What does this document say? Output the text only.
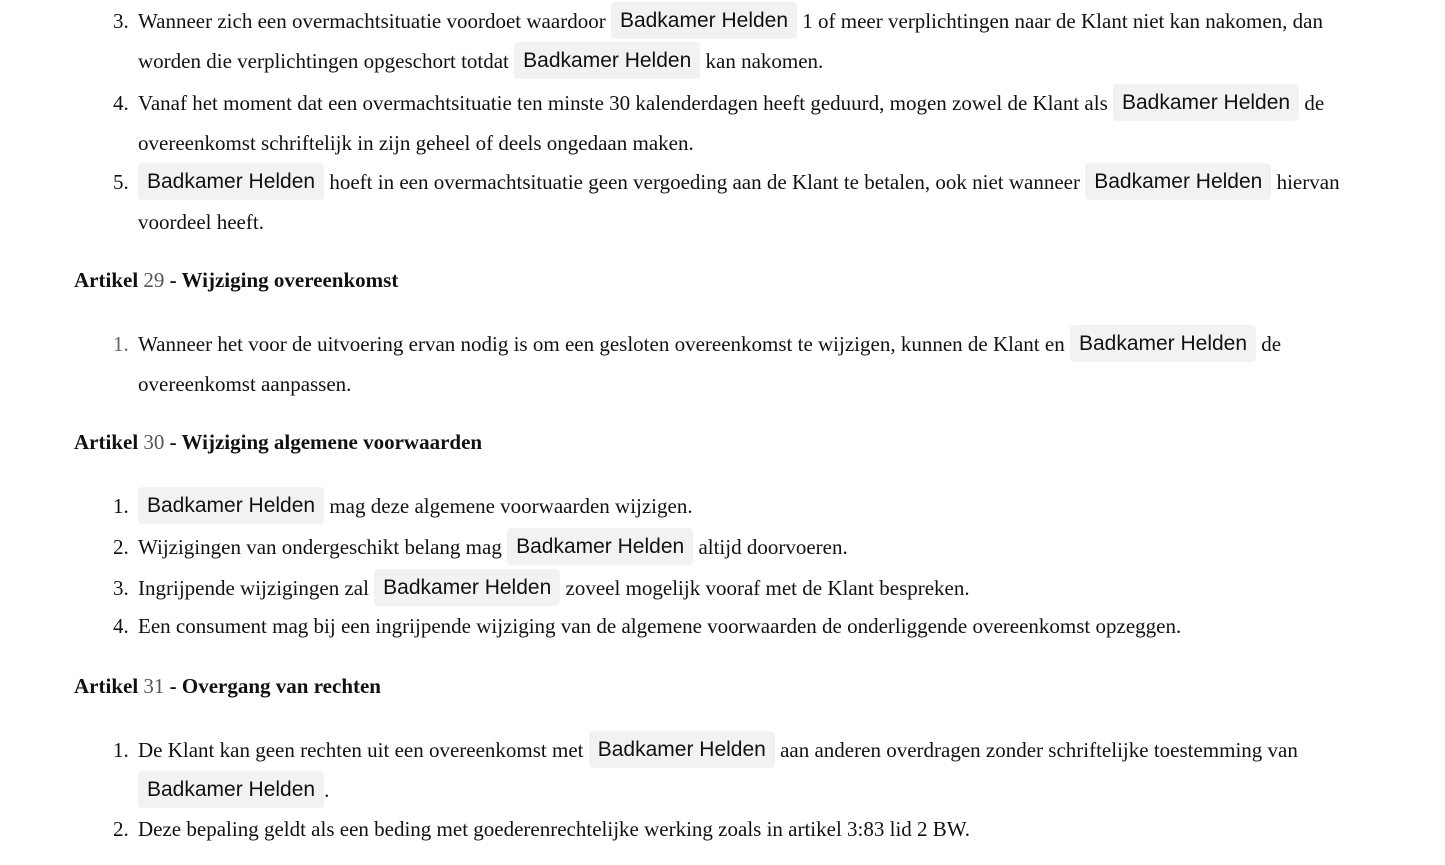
3. Wanneer zich een overmachtsituatie voordoet waardoor Badkamer Helden 1 of meer verplichtingen naar de Klant niet kan nakomen, dan worden die verplichtingen opgeschort totdat Badkamer Helden kan nakomen.
4. Vanaf het moment dat een overmachtsituatie ten minste 30 kalenderdagen heeft geduurd, mogen zowel de Klant als Badkamer Helden de overeenkomst schriftelijk in zijn geheel of deels ongedaan maken.
5. Badkamer Helden hoeft in een overmachtsituatie geen vergoeding aan de Klant te betalen, ook niet wanneer Badkamer Helden hiervan voordeel heeft.
Artikel 29 - Wijziging overeenkomst
1. Wanneer het voor de uitvoering ervan nodig is om een gesloten overeenkomst te wijzigen, kunnen de Klant en Badkamer Helden de overeenkomst aanpassen.
Artikel 30 - Wijziging algemene voorwaarden
1. Badkamer Helden mag deze algemene voorwaarden wijzigen.
2. Wijzigingen van ondergeschikt belang mag Badkamer Helden altijd doorvoeren.
3. Ingrijpende wijzigingen zal Badkamer Helden zoveel mogelijk vooraf met de Klant bespreken.
4. Een consument mag bij een ingrijpende wijziging van de algemene voorwaarden de onderliggende overeenkomst opzeggen.
Artikel 31 - Overgang van rechten
1. De Klant kan geen rechten uit een overeenkomst met Badkamer Helden aan anderen overdragen zonder schriftelijke toestemming van Badkamer Helden .
2. Deze bepaling geldt als een beding met goederenrechtelijke werking zoals in artikel 3:83 lid 2 BW.
